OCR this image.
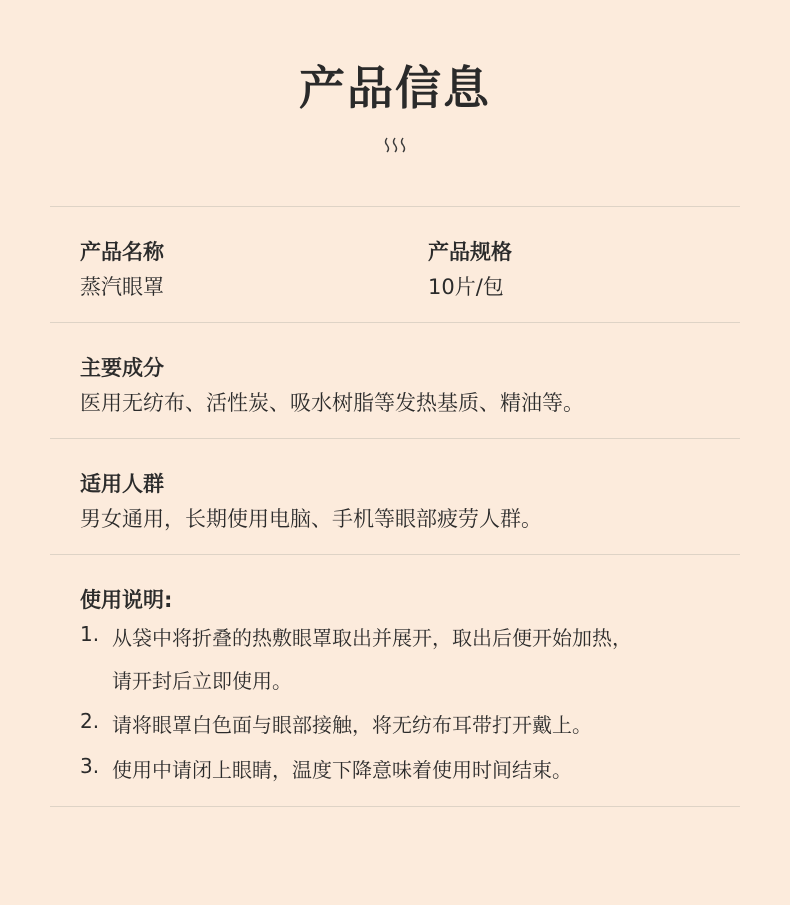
产品信息
产品名称
蒸汽眼罩
产品规格
10片/包
主要成分
医用无纺布、活性炭、吸水树脂等发热基质、精油等。
适用人群
男女通用，长期使用电脑、手机等眼部疲劳人群。
使用说明:
1. 从袋中将折叠的热敷眼罩取出并展开，取出后便开始加热，
请开封后立即使用。
2. 请将眼罩白色面与眼部接触，将无纺布耳带打开戴上。
3. 使用中请闭上眼睛，温度下降意味着使用时间结束。
